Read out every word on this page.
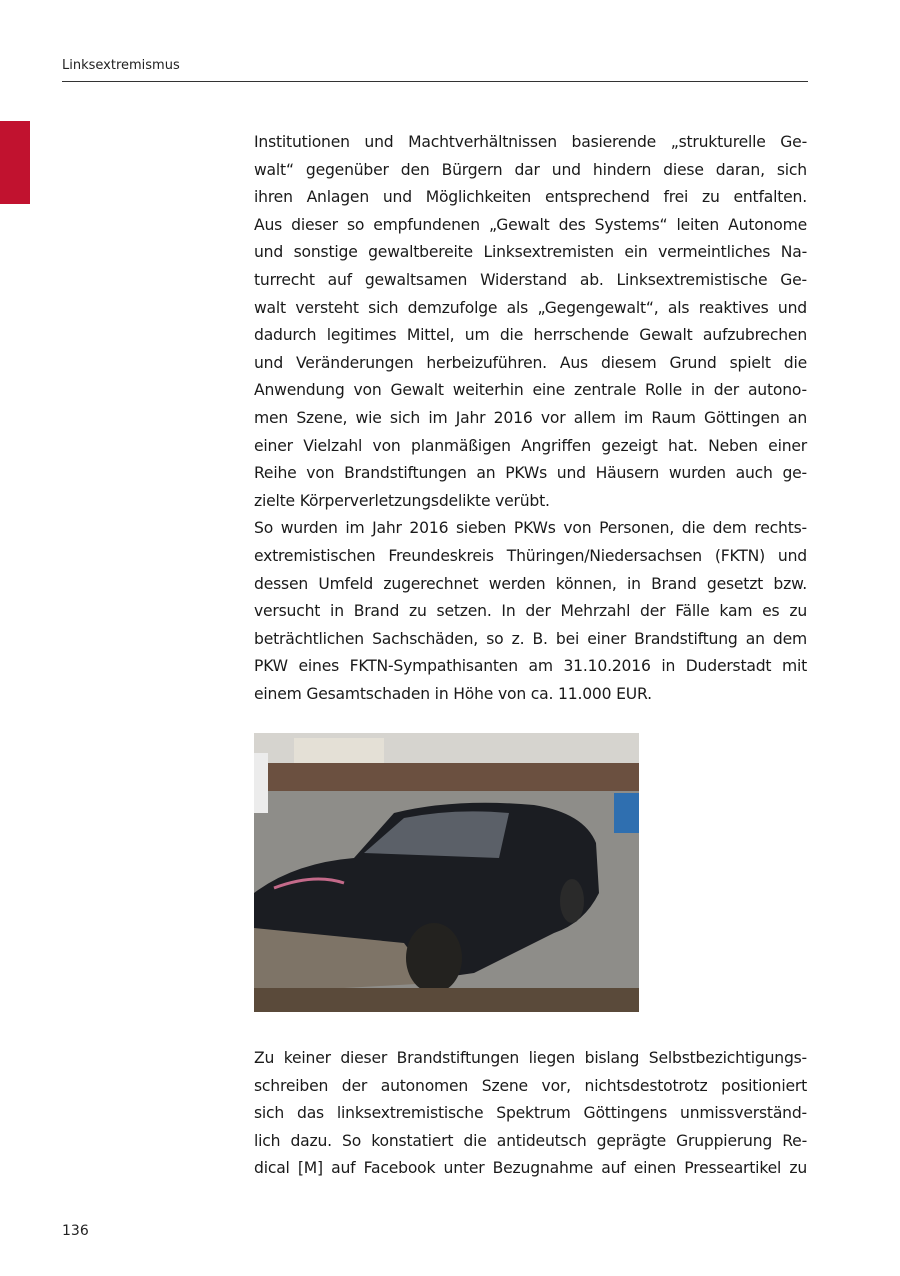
Linksextremismus
Institutionen und Machtverhältnissen basierende „strukturelle Ge-
walt“ gegenüber den Bürgern dar und hindern diese daran, sich
ihren Anlagen und Möglichkeiten entsprechend frei zu entfalten.
Aus dieser so empfundenen „Gewalt des Systems“ leiten Autonome
und sonstige gewaltbereite Linksextremisten ein vermeintliches Na-
turrecht auf gewaltsamen Widerstand ab. Linksextremistische Ge-
walt versteht sich demzufolge als „Gegengewalt“, als reaktives und
dadurch legitimes Mittel, um die herrschende Gewalt aufzubrechen
und Veränderungen herbeizuführen. Aus diesem Grund spielt die
Anwendung von Gewalt weiterhin eine zentrale Rolle in der autono-
men Szene, wie sich im Jahr 2016 vor allem im Raum Göttingen an
einer Vielzahl von planmäßigen Angriffen gezeigt hat. Neben einer
Reihe von Brandstiftungen an PKWs und Häusern wurden auch ge-
zielte Körperverletzungsdelikte verübt.
So wurden im Jahr 2016 sieben PKWs von Personen, die dem rechts-
extremistischen Freundeskreis Thüringen/Niedersachsen (FKTN) und
dessen Umfeld zugerechnet werden können, in Brand gesetzt bzw.
versucht in Brand zu setzen. In der Mehrzahl der Fälle kam es zu
beträchtlichen Sachschäden, so z. B. bei einer Brandstiftung an dem
PKW eines FKTN-Sympathisanten am 31.10.2016 in Duderstadt mit
einem Gesamtschaden in Höhe von ca. 11.000 EUR.
Zu keiner dieser Brandstiftungen liegen bislang Selbstbezichtigungs-
schreiben der autonomen Szene vor, nichtsdestotrotz positioniert
sich das linksextremistische Spektrum Göttingens unmissverständ-
lich dazu. So konstatiert die antideutsch geprägte Gruppierung Re-
dical [M] auf Facebook unter Bezugnahme auf einen Presseartikel zu
136
